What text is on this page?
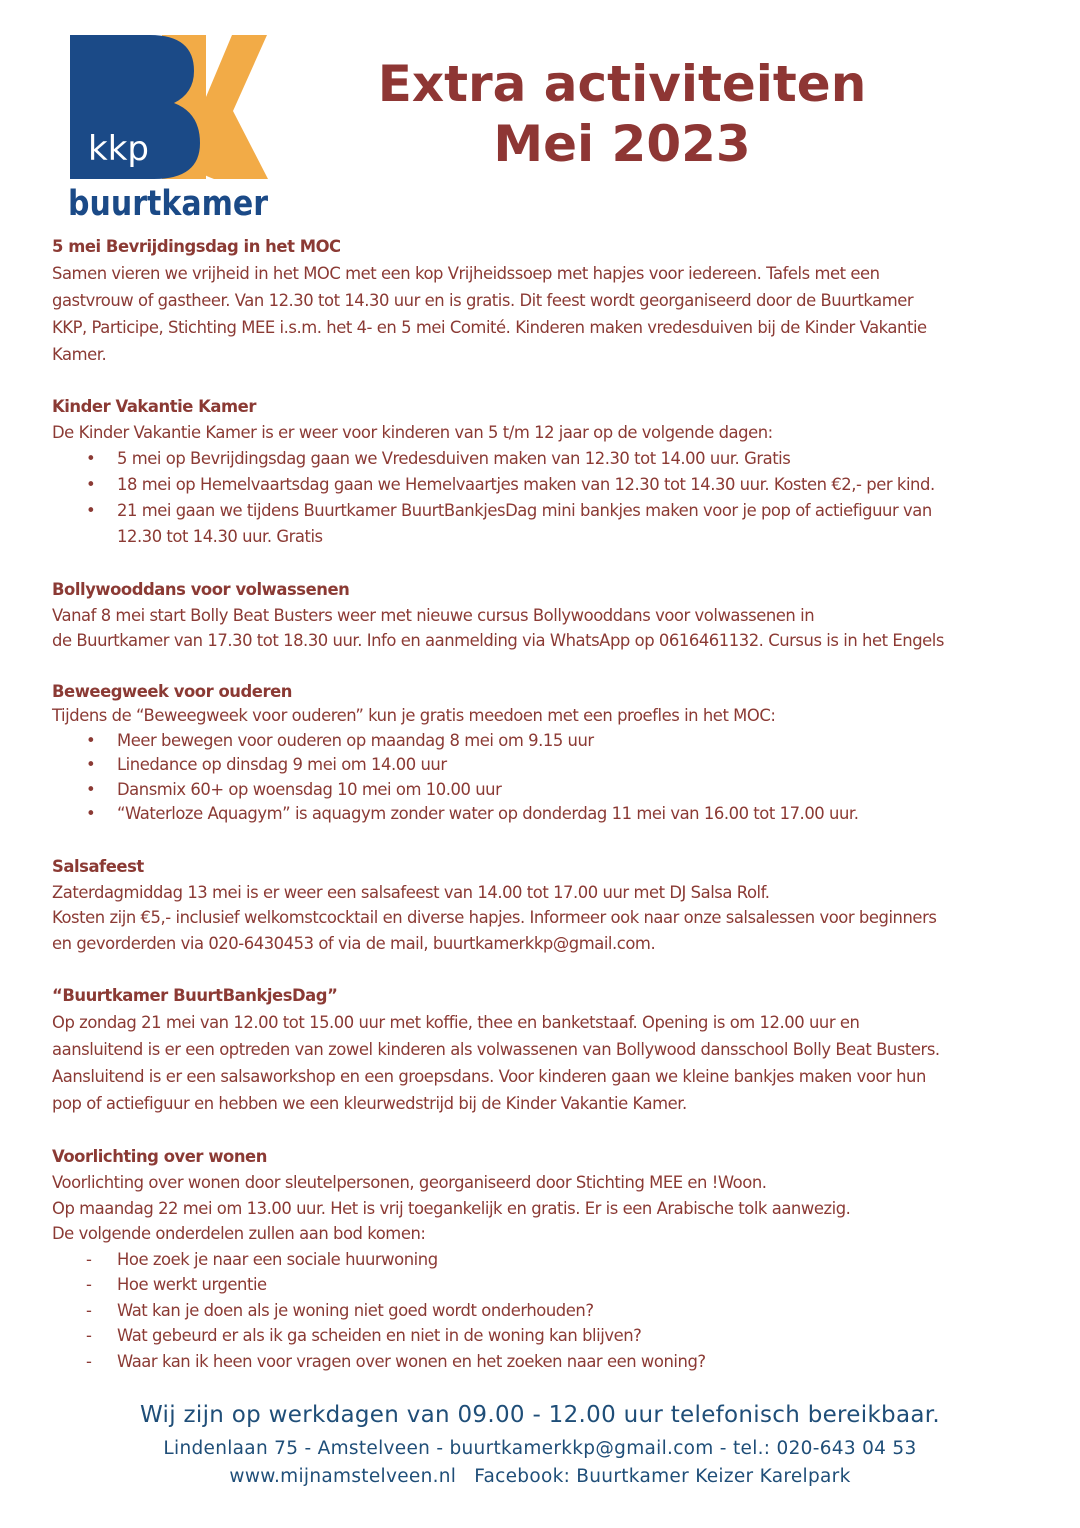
kkp
buurtkamer
Extra activiteiten
Mei 2023
5 mei Bevrijdingsdag in het MOC
Samen vieren we vrijheid in het MOC met een kop Vrijheidssoep met hapjes voor iedereen. Tafels met een
gastvrouw of gastheer. Van 12.30 tot 14.30 uur en is gratis. Dit feest wordt georganiseerd door de Buurtkamer
KKP, Participe, Stichting MEE i.s.m. het 4- en 5 mei Comité. Kinderen maken vredesduiven bij de Kinder Vakantie
Kamer.
Kinder Vakantie Kamer
De Kinder Vakantie Kamer is er weer voor kinderen van 5 t/m 12 jaar op de volgende dagen:
• 5 mei op Bevrijdingsdag gaan we Vredesduiven maken van 12.30 tot 14.00 uur. Gratis
• 18 mei op Hemelvaartsdag gaan we Hemelvaartjes maken van 12.30 tot 14.30 uur. Kosten €2,- per kind.
• 21 mei gaan we tijdens Buurtkamer BuurtBankjesDag mini bankjes maken voor je pop of actiefiguur van
12.30 tot 14.30 uur. Gratis
Bollywooddans voor volwassenen
Vanaf 8 mei start Bolly Beat Busters weer met nieuwe cursus Bollywooddans voor volwassenen in
de Buurtkamer van 17.30 tot 18.30 uur. Info en aanmelding via WhatsApp op 0616461132. Cursus is in het Engels
Beweegweek voor ouderen
Tijdens de “Beweegweek voor ouderen” kun je gratis meedoen met een proefles in het MOC:
• Meer bewegen voor ouderen op maandag 8 mei om 9.15 uur
• Linedance op dinsdag 9 mei om 14.00 uur
• Dansmix 60+ op woensdag 10 mei om 10.00 uur
• “Waterloze Aquagym” is aquagym zonder water op donderdag 11 mei van 16.00 tot 17.00 uur.
Salsafeest
Zaterdagmiddag 13 mei is er weer een salsafeest van 14.00 tot 17.00 uur met DJ Salsa Rolf.
Kosten zijn €5,- inclusief welkomstcocktail en diverse hapjes. Informeer ook naar onze salsalessen voor beginners
en gevorderden via 020-6430453 of via de mail, buurtkamerkkp@gmail.com.
“Buurtkamer BuurtBankjesDag”
Op zondag 21 mei van 12.00 tot 15.00 uur met koffie, thee en banketstaaf. Opening is om 12.00 uur en
aansluitend is er een optreden van zowel kinderen als volwassenen van Bollywood dansschool Bolly Beat Busters.
Aansluitend is er een salsaworkshop en een groepsdans. Voor kinderen gaan we kleine bankjes maken voor hun
pop of actiefiguur en hebben we een kleurwedstrijd bij de Kinder Vakantie Kamer.
Voorlichting over wonen
Voorlichting over wonen door sleutelpersonen, georganiseerd door Stichting MEE en !Woon.
Op maandag 22 mei om 13.00 uur. Het is vrij toegankelijk en gratis. Er is een Arabische tolk aanwezig.
De volgende onderdelen zullen aan bod komen:
- Hoe zoek je naar een sociale huurwoning
- Hoe werkt urgentie
- Wat kan je doen als je woning niet goed wordt onderhouden?
- Wat gebeurd er als ik ga scheiden en niet in de woning kan blijven?
- Waar kan ik heen voor vragen over wonen en het zoeken naar een woning?
Wij zijn op werkdagen van 09.00 - 12.00 uur telefonisch bereikbaar.
Lindenlaan 75 - Amstelveen - buurtkamerkkp@gmail.com - tel.: 020-643 04 53
www.mijnamstelveen.nl Facebook: Buurtkamer Keizer Karelpark
